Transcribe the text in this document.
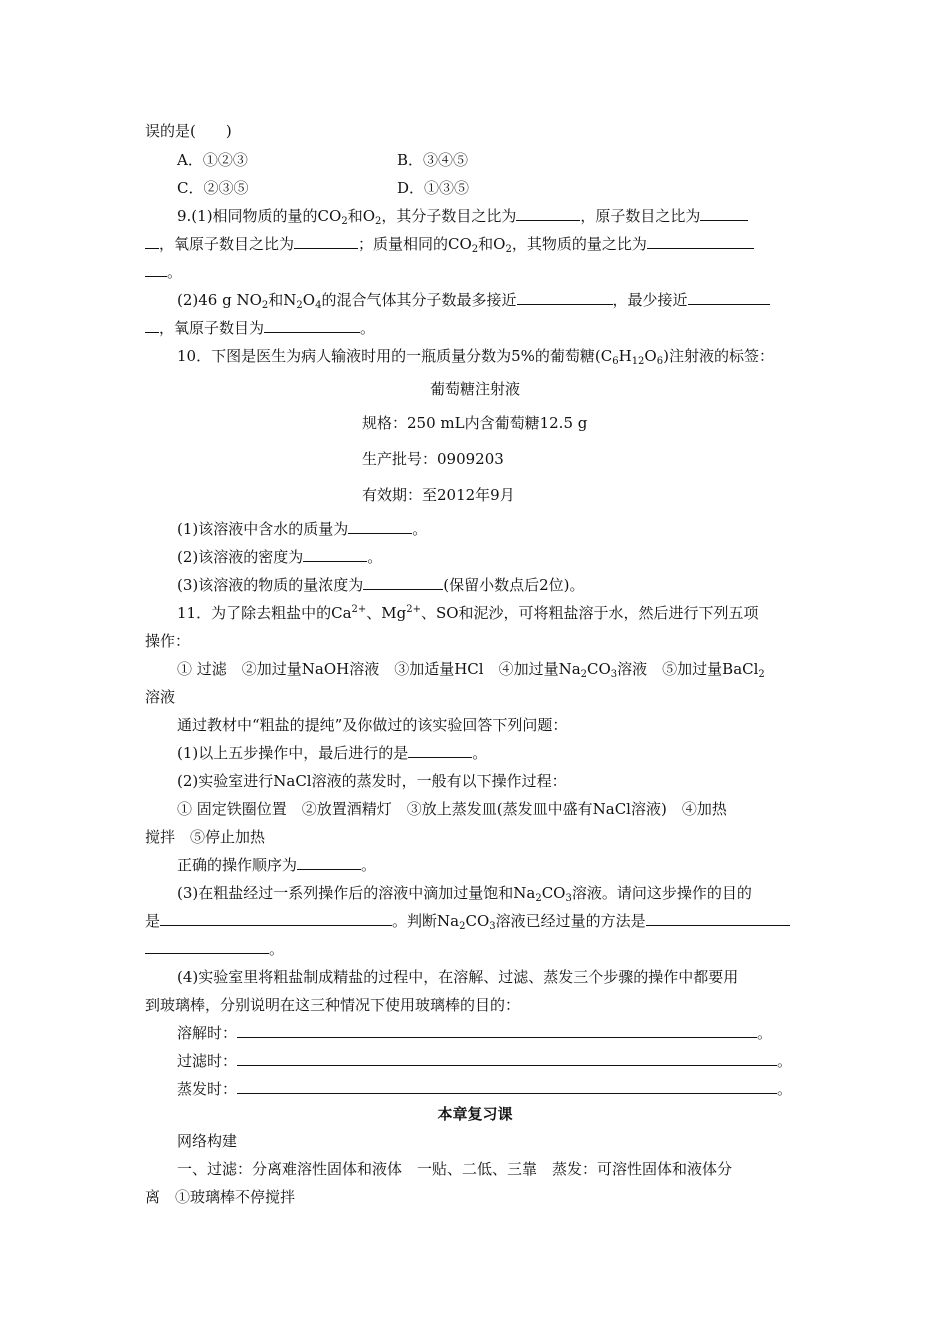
误的是(　　)
A．①②③	B．③④⑤
C．②③⑤	D．①③⑤
9.(1)相同物质的量的$CO_2$和$O_2$，其分子数目之比为	，原子数目之比为
，氧原子数目之比为	；质量相同的$CO_2$和$O_2$，其物质的量之比为
。
(2)46 g $NO_2$和$N_2O_4$的混合气体其分子数最多接近	，最少接近
，氧原子数目为	。
10．下图是医生为病人输液时用的一瓶质量分数为5%的葡萄糖$(C_6H_{12}O_6)$注射液的标签：
葡萄糖注射液
规格：250 mL内含葡萄糖12.5 g
生产批号：0909203
有效期：至2012年9月
(1)该溶液中含水的质量为	。
(2)该溶液的密度为	。
(3)该溶液的物质的量浓度为	(保留小数点后2位)。
11．为了除去粗盐中的$Ca^{2+}$、$Mg^{2+}$、SO和泥沙，可将粗盐溶于水，然后进行下列五项
操作：
① 过滤　②加过量NaOH溶液　③加适量HCl　④加过量$Na_2CO_3$溶液　⑤加过量BaCl$_2$
溶液
通过教材中“粗盐的提纯”及你做过的该实验回答下列问题：
(1)以上五步操作中，最后进行的是	。
(2)实验室进行NaCl溶液的蒸发时，一般有以下操作过程：
① 固定铁圈位置　②放置酒精灯　③放上蒸发皿(蒸发皿中盛有NaCl溶液)　④加热
搅拌　⑤停止加热
正确的操作顺序为	。
(3)在粗盐经过一系列操作后的溶液中滴加过量饱和$Na_2CO_3$溶液。请问这步操作的目的
是	。判断$Na_2CO_3$溶液已经过量的方法是
。
(4)实验室里将粗盐制成精盐的过程中，在溶解、过滤、蒸发三个步骤的操作中都要用
到玻璃棒，分别说明在这三种情况下使用玻璃棒的目的：
溶解时：	。
过滤时：	。
蒸发时：	。
本章复习课
网络构建
一、过滤：分离难溶性固体和液体　一贴、二低、三靠　蒸发：可溶性固体和液体分
离　①玻璃棒不停搅拌
